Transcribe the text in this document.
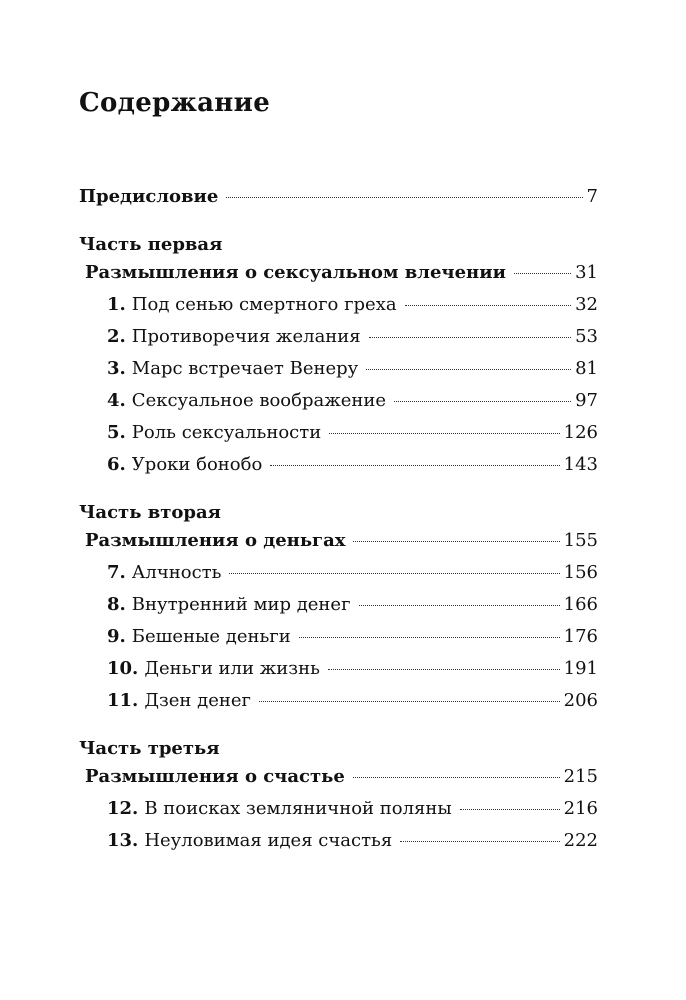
Содержание
Предисловие	7
Часть первая
Размышления о сексуальном влечении	31
1. Под сенью смертного греха	32
2. Противоречия желания	53
3. Марс встречает Венеру	81
4. Сексуальное воображение	97
5. Роль сексуальности	126
6. Уроки бонобо	143
Часть вторая
Размышления о деньгах	155
7. Алчность	156
8. Внутренний мир денег	166
9. Бешеные деньги	176
10. Деньги или жизнь	191
11. Дзен денег	206
Часть третья
Размышления о счастье	215
12. В поисках земляничной поляны	216
13. Неуловимая идея счастья	222
